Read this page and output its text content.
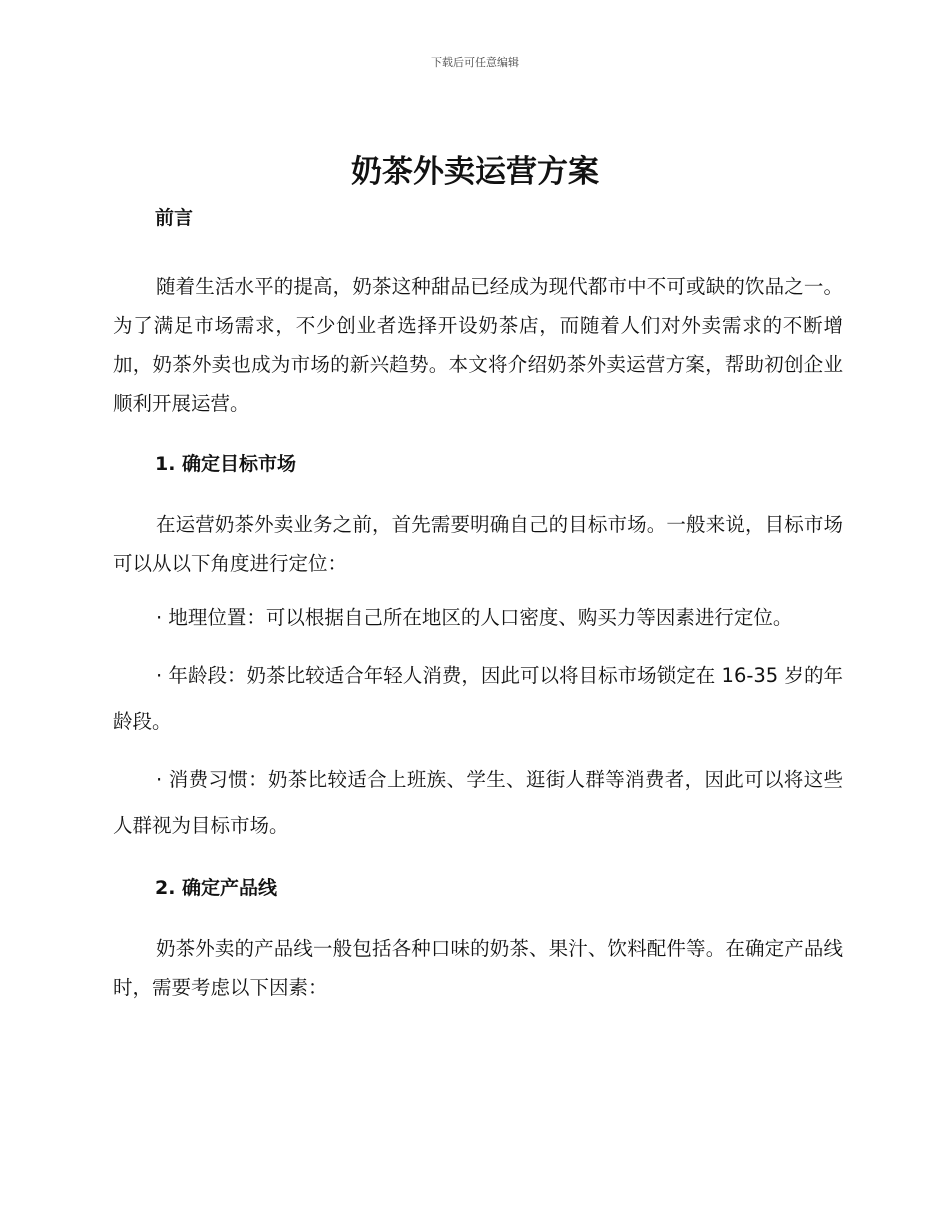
下载后可任意编辑
奶茶外卖运营方案

前言

随着生活水平的提高，奶茶这种甜品已经成为现代都市中不可或缺的饮品之一。为了满足市场需求，不少创业者选择开设奶茶店，而随着人们对外卖需求的不断增加，奶茶外卖也成为市场的新兴趋势。本文将介绍奶茶外卖运营方案，帮助初创企业顺利开展运营。

1. 确定目标市场

在运营奶茶外卖业务之前，首先需要明确自己的目标市场。一般来说，目标市场可以从以下角度进行定位：

· 地理位置：可以根据自己所在地区的人口密度、购买力等因素进行定位。

· 年龄段：奶茶比较适合年轻人消费，因此可以将目标市场锁定在 16-35 岁的年龄段。

· 消费习惯：奶茶比较适合上班族、学生、逛街人群等消费者，因此可以将这些人群视为目标市场。

2. 确定产品线

奶茶外卖的产品线一般包括各种口味的奶茶、果汁、饮料配件等。在确定产品线时，需要考虑以下因素：
